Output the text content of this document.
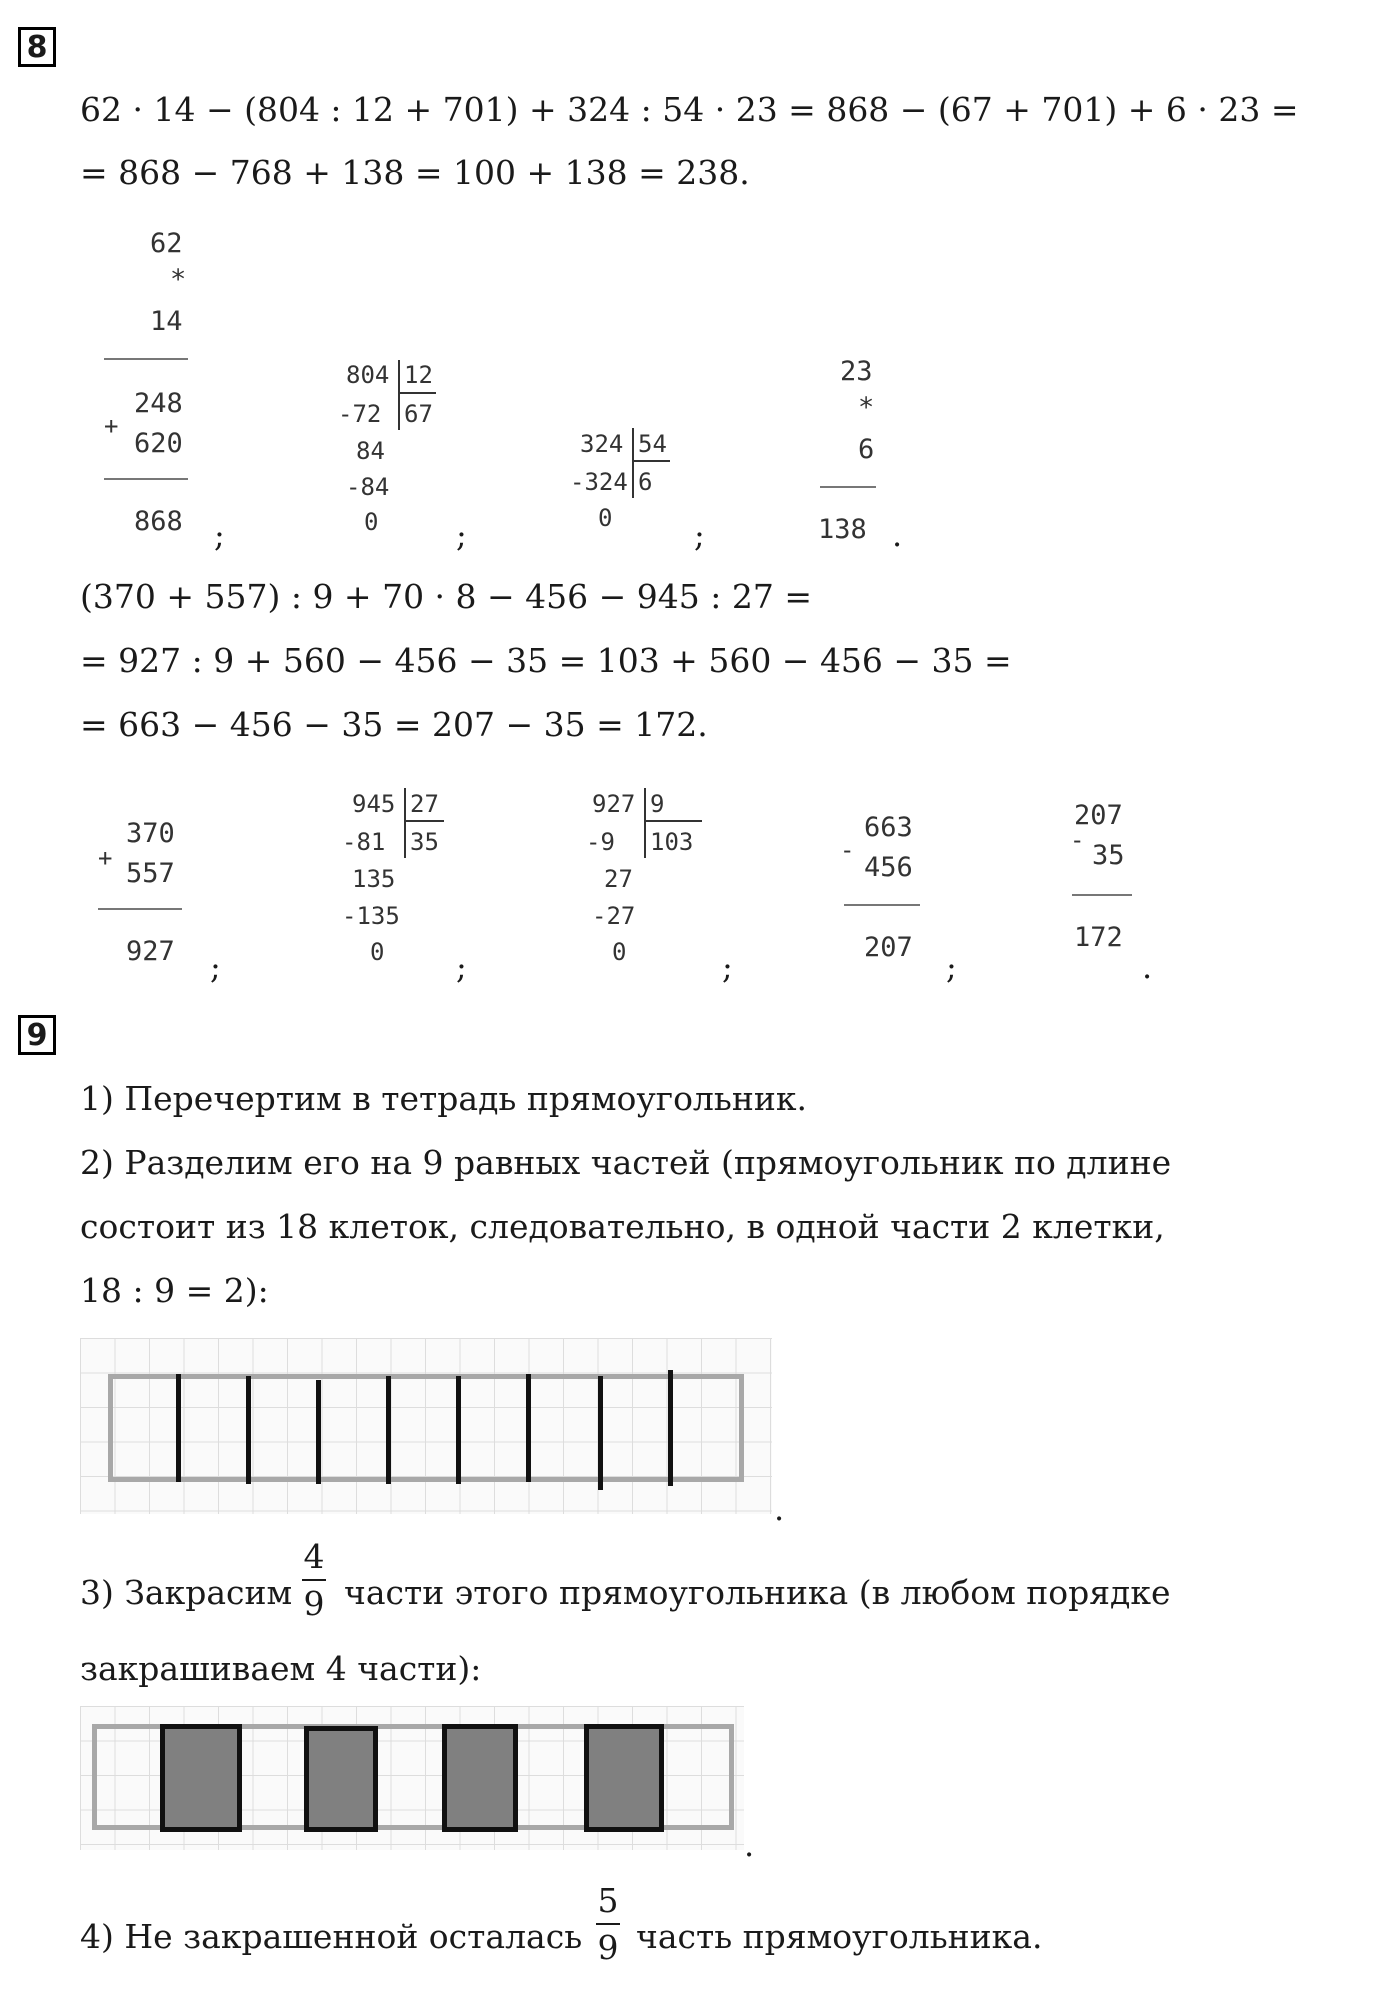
8
62 · 14 − (804 : 12 + 701) + 324 : 54 · 23 = 868 − (67 + 701) + 6 · 23 =
= 868 − 768 + 138 = 100 + 138 = 238.
62
*
14
+
248
620
868 ;
804 12
67
-72
84
-84
0 ;
324 54
6
-324
0	;
23
*
6
138 .
(370 + 557) : 9 + 70 · 8 − 456 − 945 : 27 =
= 927 : 9 + 560 − 456 − 35 = 103 + 560 − 456 − 35 =
= 663 − 456 − 35 = 207 − 35 = 172.
+
370
557
927 ;
945 27
35
-81
135
-135
0 ;
927 9
103
-9
27
-27
0	;
-
663
456
207
;
-
207
35
172
.
9
1) Перечертим в тетрадь прямоугольник.
2) Разделим его на 9 равных частей (прямоугольник по длине
состоит из 18 клеток, следовательно, в одной части 2 клетки,
18 : 9 = 2):
.
3) Закрасим
4
9 части этого прямоугольника (в любом порядке
закрашиваем 4 части):
.
4) Не закрашенной осталась
5
9 часть прямоугольника.
